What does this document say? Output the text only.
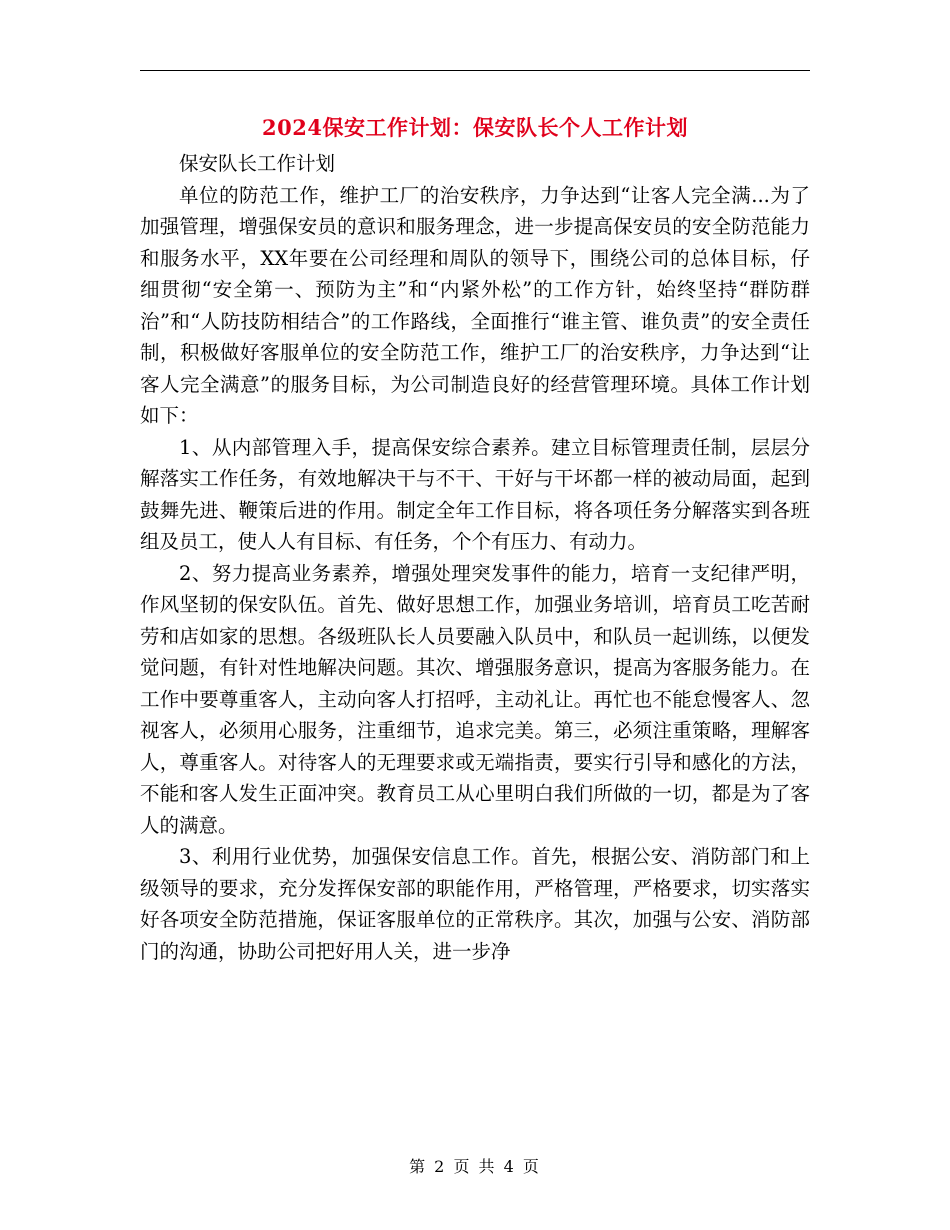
2024保安工作计划：保安队长个人工作计划

保安队长工作计划

单位的防范工作，维护工厂的治安秩序，力争达到“让客人完全满...为了加强管理，增强保安员的意识和服务理念，进一步提高保安员的安全防范能力和服务水平，XX年要在公司经理和周队的领导下，围绕公司的总体目标，仔细贯彻“安全第一、预防为主”和“内紧外松”的工作方针，始终坚持“群防群治”和“人防技防相结合”的工作路线，全面推行“谁主管、谁负责”的安全责任制，积极做好客服单位的安全防范工作，维护工厂的治安秩序，力争达到“让客人完全满意”的服务目标，为公司制造良好的经营管理环境。具体工作计划如下：

1、从内部管理入手，提高保安综合素养。建立目标管理责任制，层层分解落实工作任务，有效地解决干与不干、干好与干坏都一样的被动局面，起到鼓舞先进、鞭策后进的作用。制定全年工作目标，将各项任务分解落实到各班组及员工，使人人有目标、有任务，个个有压力、有动力。

2、努力提高业务素养，增强处理突发事件的能力，培育一支纪律严明，作风坚韧的保安队伍。首先、做好思想工作，加强业务培训，培育员工吃苦耐劳和店如家的思想。各级班队长人员要融入队员中，和队员一起训练，以便发觉问题，有针对性地解决问题。其次、增强服务意识，提高为客服务能力。在工作中要尊重客人，主动向客人打招呼，主动礼让。再忙也不能怠慢客人、忽视客人，必须用心服务，注重细节，追求完美。第三，必须注重策略，理解客人，尊重客人。对待客人的无理要求或无端指责，要实行引导和感化的方法，不能和客人发生正面冲突。教育员工从心里明白我们所做的一切，都是为了客人的满意。

3、利用行业优势，加强保安信息工作。首先，根据公安、消防部门和上级领导的要求，充分发挥保安部的职能作用，严格管理，严格要求，切实落实好各项安全防范措施，保证客服单位的正常秩序。其次，加强与公安、消防部门的沟通，协助公司把好用人关，进一步净

第 2 页 共 4 页
